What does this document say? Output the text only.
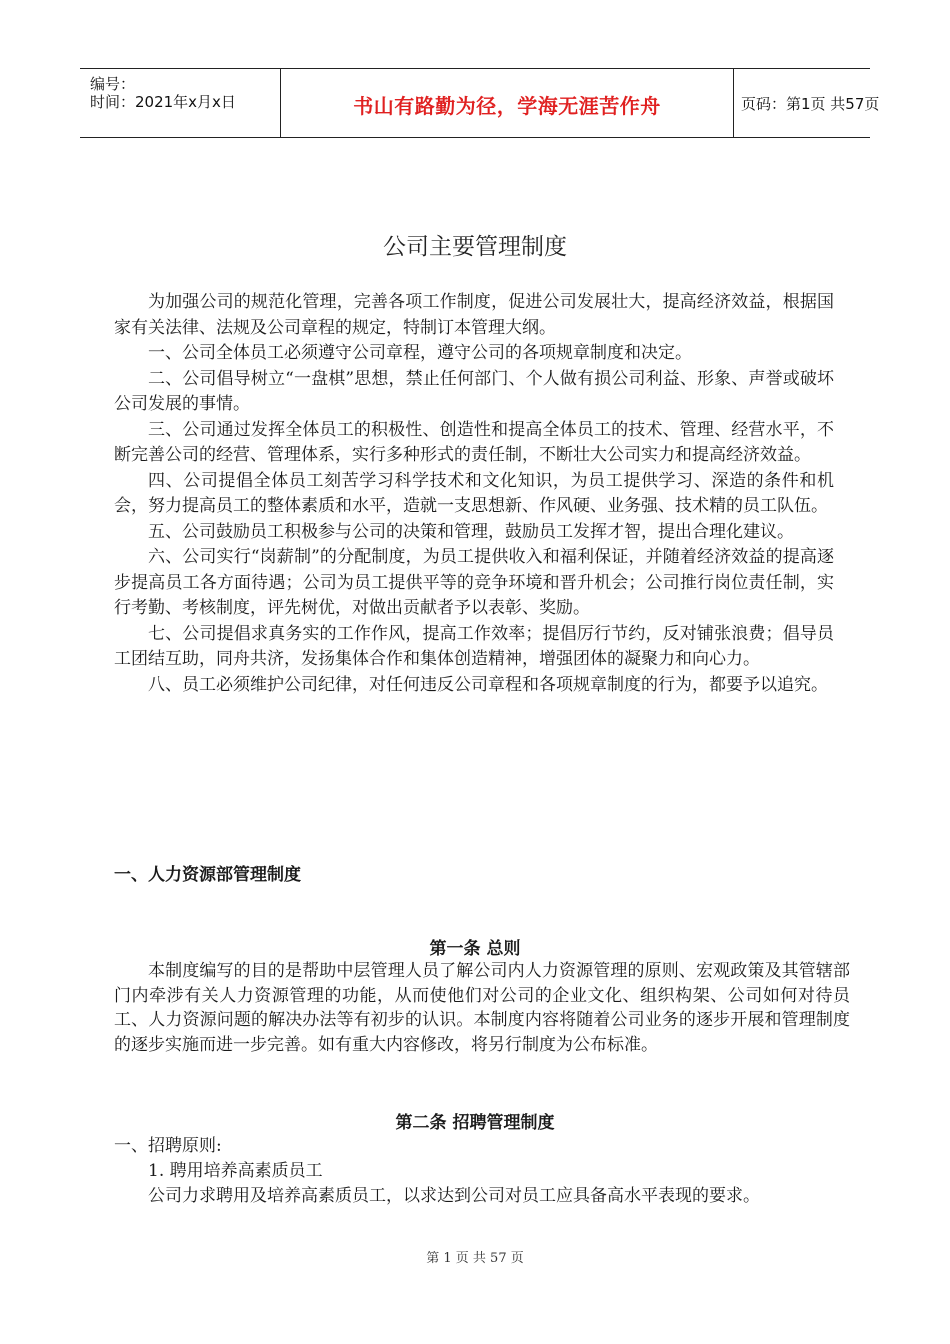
编号：
时间：2021年x月x日	书山有路勤为径，学海无涯苦作舟	页码：第1页 共57页
公司主要管理制度

为加强公司的规范化管理，完善各项工作制度，促进公司发展壮大，提高经济效益，根据国家有关法律、法规及公司章程的规定，特制订本管理大纲。

一、公司全体员工必须遵守公司章程，遵守公司的各项规章制度和决定。

二、公司倡导树立“一盘棋”思想，禁止任何部门、个人做有损公司利益、形象、声誉或破坏公司发展的事情。

三、公司通过发挥全体员工的积极性、创造性和提高全体员工的技术、管理、经营水平，不断完善公司的经营、管理体系，实行多种形式的责任制，不断壮大公司实力和提高经济效益。

四、公司提倡全体员工刻苦学习科学技术和文化知识，为员工提供学习、深造的条件和机会，努力提高员工的整体素质和水平，造就一支思想新、作风硬、业务强、技术精的员工队伍。

五、公司鼓励员工积极参与公司的决策和管理，鼓励员工发挥才智，提出合理化建议。

六、公司实行“岗薪制”的分配制度，为员工提供收入和福利保证，并随着经济效益的提高逐步提高员工各方面待遇；公司为员工提供平等的竞争环境和晋升机会；公司推行岗位责任制，实行考勤、考核制度，评先树优，对做出贡献者予以表彰、奖励。

七、公司提倡求真务实的工作作风，提高工作效率；提倡厉行节约，反对铺张浪费；倡导员工团结互助，同舟共济，发扬集体合作和集体创造精神，增强团体的凝聚力和向心力。

八、员工必须维护公司纪律，对任何违反公司章程和各项规章制度的行为，都要予以追究。

一、人力资源部管理制度
第一条 总则

本制度编写的目的是帮助中层管理人员了解公司内人力资源管理的原则、宏观政策及其管辖部门内牵涉有关人力资源管理的功能，从而使他们对公司的企业文化、组织构架、公司如何对待员工、人力资源问题的解决办法等有初步的认识。本制度内容将随着公司业务的逐步开展和管理制度的逐步实施而进一步完善。如有重大内容修改，将另行制度为公布标准。

第二条 招聘管理制度
一、招聘原则:
1. 聘用培养高素质员工
公司力求聘用及培养高素质员工，以求达到公司对员工应具备高水平表现的要求。
第 1 页 共 57 页
